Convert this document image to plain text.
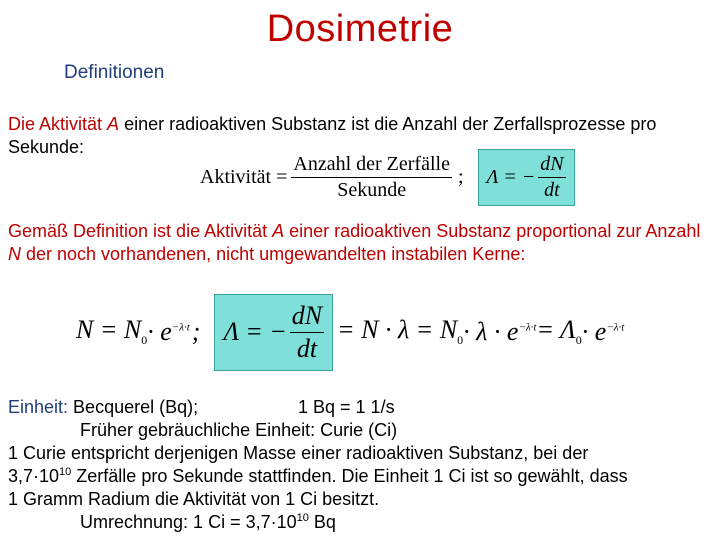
Dosimetrie
Definitionen
Die Aktivität A einer radioaktiven Substanz ist die Anzahl der Zerfallsprozesse pro Sekunde:
Aktivität = $\frac{\text{Anzahl der Zerfälle}}{\text{Sekunde}}$ ; Λ = − $\frac{dN}{dt}$
Gemäß Definition ist die Aktivität A einer radioaktiven Substanz proportional zur Anzahl N der noch vorhandenen, nicht umgewandelten instabilen Kerne:
$N = N_0 \cdot e^{-\lambda\cdot t}$ ; Λ = − $\frac{dN}{dt} = N \cdot \lambda = N_0 \cdot \lambda \cdot e^{-\lambda\cdot t} = \Lambda_0 \cdot e^{-\lambda\cdot t}$
Einheit: Becquerel (Bq);	1 Bq = 1 1/s
Früher gebräuchliche Einheit: Curie (Ci)
1 Curie entspricht derjenigen Masse einer radioaktiven Substanz, bei der
$3,7\cdot 10^{10}$ Zerfälle pro Sekunde stattfinden. Die Einheit 1 Ci ist so gewählt, dass
1 Gramm Radium die Aktivität von 1 Ci besitzt.
Umrechnung: 1 $Ci = 3,7\cdot 10^{10}$ Bq
